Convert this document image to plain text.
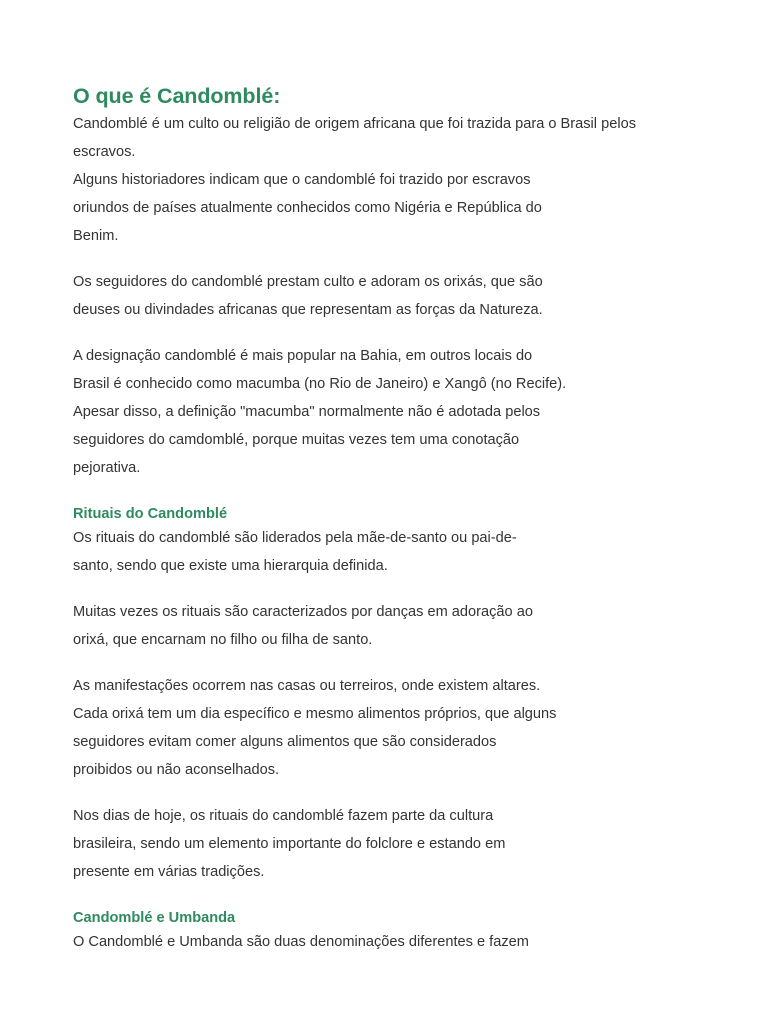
O que é Candomblé:

Candomblé é um culto ou religião de origem africana que foi trazida para o Brasil pelos escravos.

Alguns historiadores indicam que o candomblé foi trazido por escravos oriundos de países atualmente conhecidos como Nigéria e República do Benim.

Os seguidores do candomblé prestam culto e adoram os orixás, que são deuses ou divindades africanas que representam as forças da Natureza.

A designação candomblé é mais popular na Bahia, em outros locais do Brasil é conhecido como macumba (no Rio de Janeiro) e Xangô (no Recife). Apesar disso, a definição "macumba" normalmente não é adotada pelos seguidores do camdomblé, porque muitas vezes tem uma conotação pejorativa.

Rituais do Candomblé

Os rituais do candomblé são liderados pela mãe-de-santo ou pai-de-santo, sendo que existe uma hierarquia definida.

Muitas vezes os rituais são caracterizados por danças em adoração ao orixá, que encarnam no filho ou filha de santo.

As manifestações ocorrem nas casas ou terreiros, onde existem altares. Cada orixá tem um dia específico e mesmo alimentos próprios, que alguns seguidores evitam comer alguns alimentos que são considerados proibidos ou não aconselhados.

Nos dias de hoje, os rituais do candomblé fazem parte da cultura brasileira, sendo um elemento importante do folclore e estando em presente em várias tradições.

Candomblé e Umbanda

O Candomblé e Umbanda são duas denominações diferentes e fazem
